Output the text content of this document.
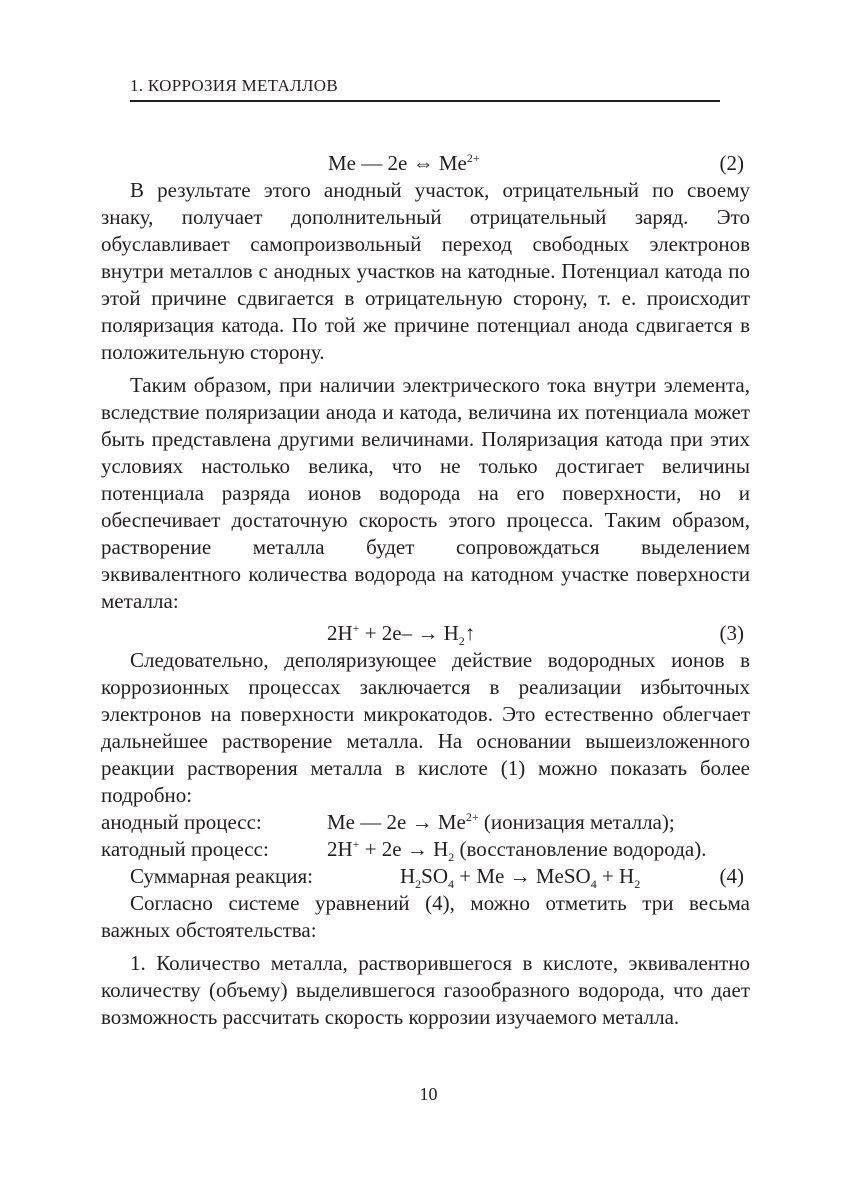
1. КОРРОЗИЯ МЕТАЛЛОВ
Me — 2e ⇔ $Me^{2+}$	(2)

В результате этого анодный участок, отрицательный по своему знаку, получает дополнительный отрицательный заряд. Это обуславливает самопроизвольный переход свободных электронов внутри металлов с анодных участков на катодные. Потенциал катода по этой причине сдвигается в отрицательную сторону, т. е. происходит поляризация катода. По той же причине потенциал анода сдвигается в положительную сторону.

Таким образом, при наличии электрического тока внутри элемента, вследствие поляризации анода и катода, величина их потенциала может быть представлена другими величинами. Поляризация катода при этих условиях настолько велика, что не только достигает величины потенциала разряда ионов водорода на его поверхности, но и обеспечивает достаточную скорость этого процесса. Таким образом, растворение металла будет сопровождаться выделением эквивалентного количества водорода на катодном участке поверхности металла:

$2H^+ + 2e- \to H_2↑$	(3)

Следовательно, деполяризующее действие водородных ионов в коррозионных процессах заключается в реализации избыточных электронов на поверхности микрокатодов. Это естественно облегчает дальнейшее растворение металла. На основании вышеизложенного реакции растворения металла в кислоте (1) можно показать более подробно:

анодный процесс:	Me — $2e \to Me^{2+}$ (ионизация металла);
катодный процесс:	$2H^+ + 2e \to H_2$ (восстановление водорода).
Суммарная реакция:	$H_2SO_4 + Me$ → MeSO$_4$ + $H_2$	(4)

Согласно системе уравнений (4), можно отметить три весьма важных обстоятельства:

1. Количество металла, растворившегося в кислоте, эквивалентно количеству (объему) выделившегося газообразного водорода, что дает возможность рассчитать скорость коррозии изучаемого металла.

10
